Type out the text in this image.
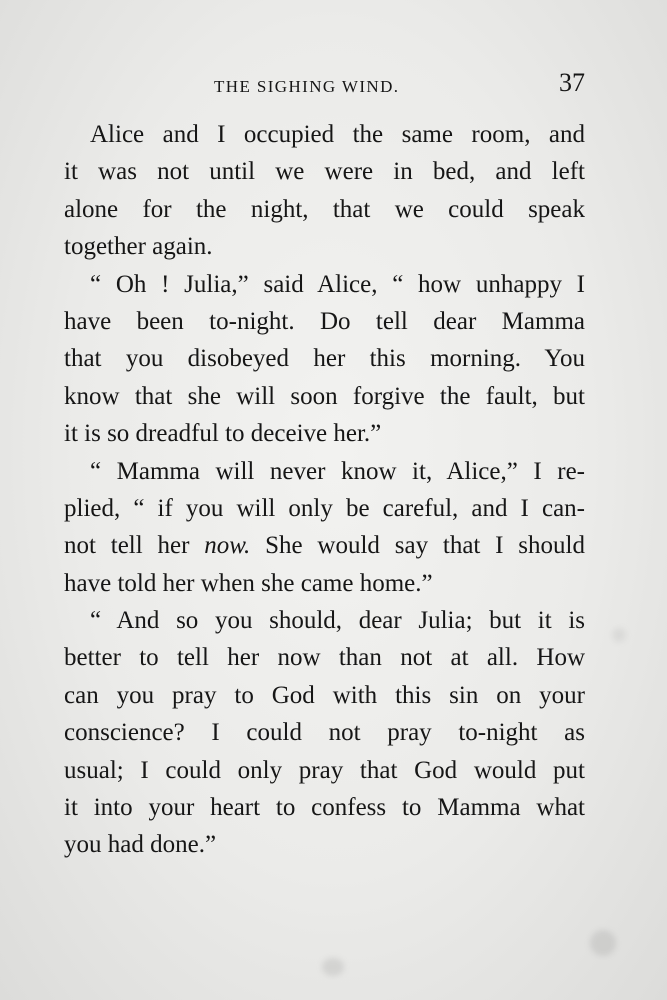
THE SIGHING WIND.	37
Alice and I occupied the same room, and
it was not until we were in bed, and left
alone for the night, that we could speak
together again.
“ Oh ! Julia,” said Alice, “ how unhappy I
have been to-night. Do tell dear Mamma
that you disobeyed her this morning. You
know that she will soon forgive the fault, but
it is so dreadful to deceive her.”
“ Mamma will never know it, Alice,” I re-
plied, “ if you will only be careful, and I can-
not tell her now. She would say that I should
have told her when she came home.”
“ And so you should, dear Julia; but it is
better to tell her now than not at all. How
can you pray to God with this sin on your
conscience? I could not pray to-night as
usual; I could only pray that God would put
it into your heart to confess to Mamma what
you had done.”
